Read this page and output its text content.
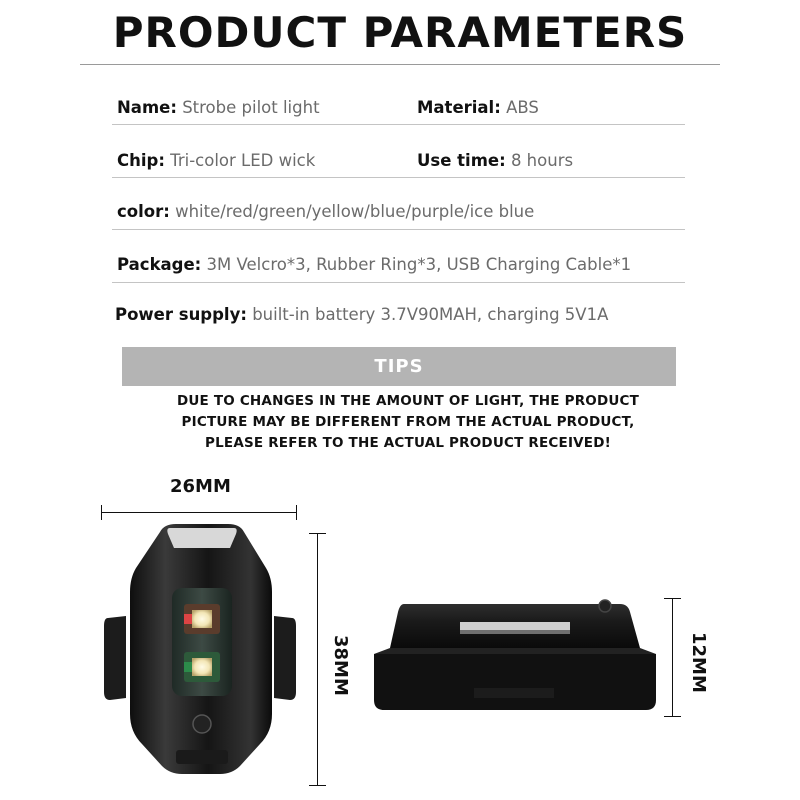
PRODUCT PARAMETERS
Name: Strobe pilot light	Material: ABS
Chip: Tri-color LED wick	Use time: 8 hours
color: white/red/green/yellow/blue/purple/ice blue
Package: 3M Velcro*3, Rubber Ring*3, USB Charging Cable*1
Power supply: built-in battery 3.7V90MAH, charging 5V1A
TIPS
DUE TO CHANGES IN THE AMOUNT OF LIGHT, THE PRODUCT
PICTURE MAY BE DIFFERENT FROM THE ACTUAL PRODUCT,
PLEASE REFER TO THE ACTUAL PRODUCT RECEIVED!
26MM
38MM	12MM
